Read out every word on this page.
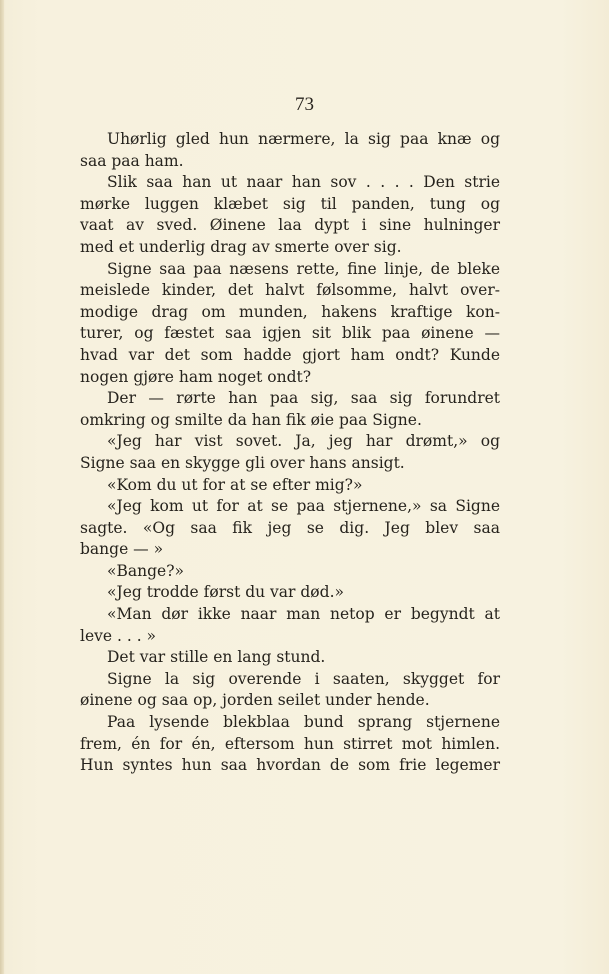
73
Uhørlig gled hun nærmere, la sig paa knæ og
saa paa ham.
Slik saa han ut naar han sov . . . . Den strie
mørke luggen klæbet sig til panden, tung og
vaat av sved. Øinene laa dypt i sine hulninger
med et underlig drag av smerte over sig.
Signe saa paa næsens rette, fine linje, de bleke
meislede kinder, det halvt følsomme, halvt over-
modige drag om munden, hakens kraftige kon-
turer, og fæstet saa igjen sit blik paa øinene —
hvad var det som hadde gjort ham ondt? Kunde
nogen gjøre ham noget ondt?
Der — rørte han paa sig, saa sig forundret
omkring og smilte da han fik øie paa Signe.
«Jeg har vist sovet. Ja, jeg har drømt,» og
Signe saa en skygge gli over hans ansigt.
«Kom du ut for at se efter mig?»
«Jeg kom ut for at se paa stjernene,» sa Signe
sagte. «Og saa fik jeg se dig. Jeg blev saa
bange — »
«Bange?»
«Jeg trodde først du var død.»
«Man dør ikke naar man netop er begyndt at
leve . . . »
Det var stille en lang stund.
Signe la sig overende i saaten, skygget for
øinene og saa op, jorden seilet under hende.
Paa lysende blekblaa bund sprang stjernene
frem, én for én, eftersom hun stirret mot himlen.
Hun syntes hun saa hvordan de som frie legemer
